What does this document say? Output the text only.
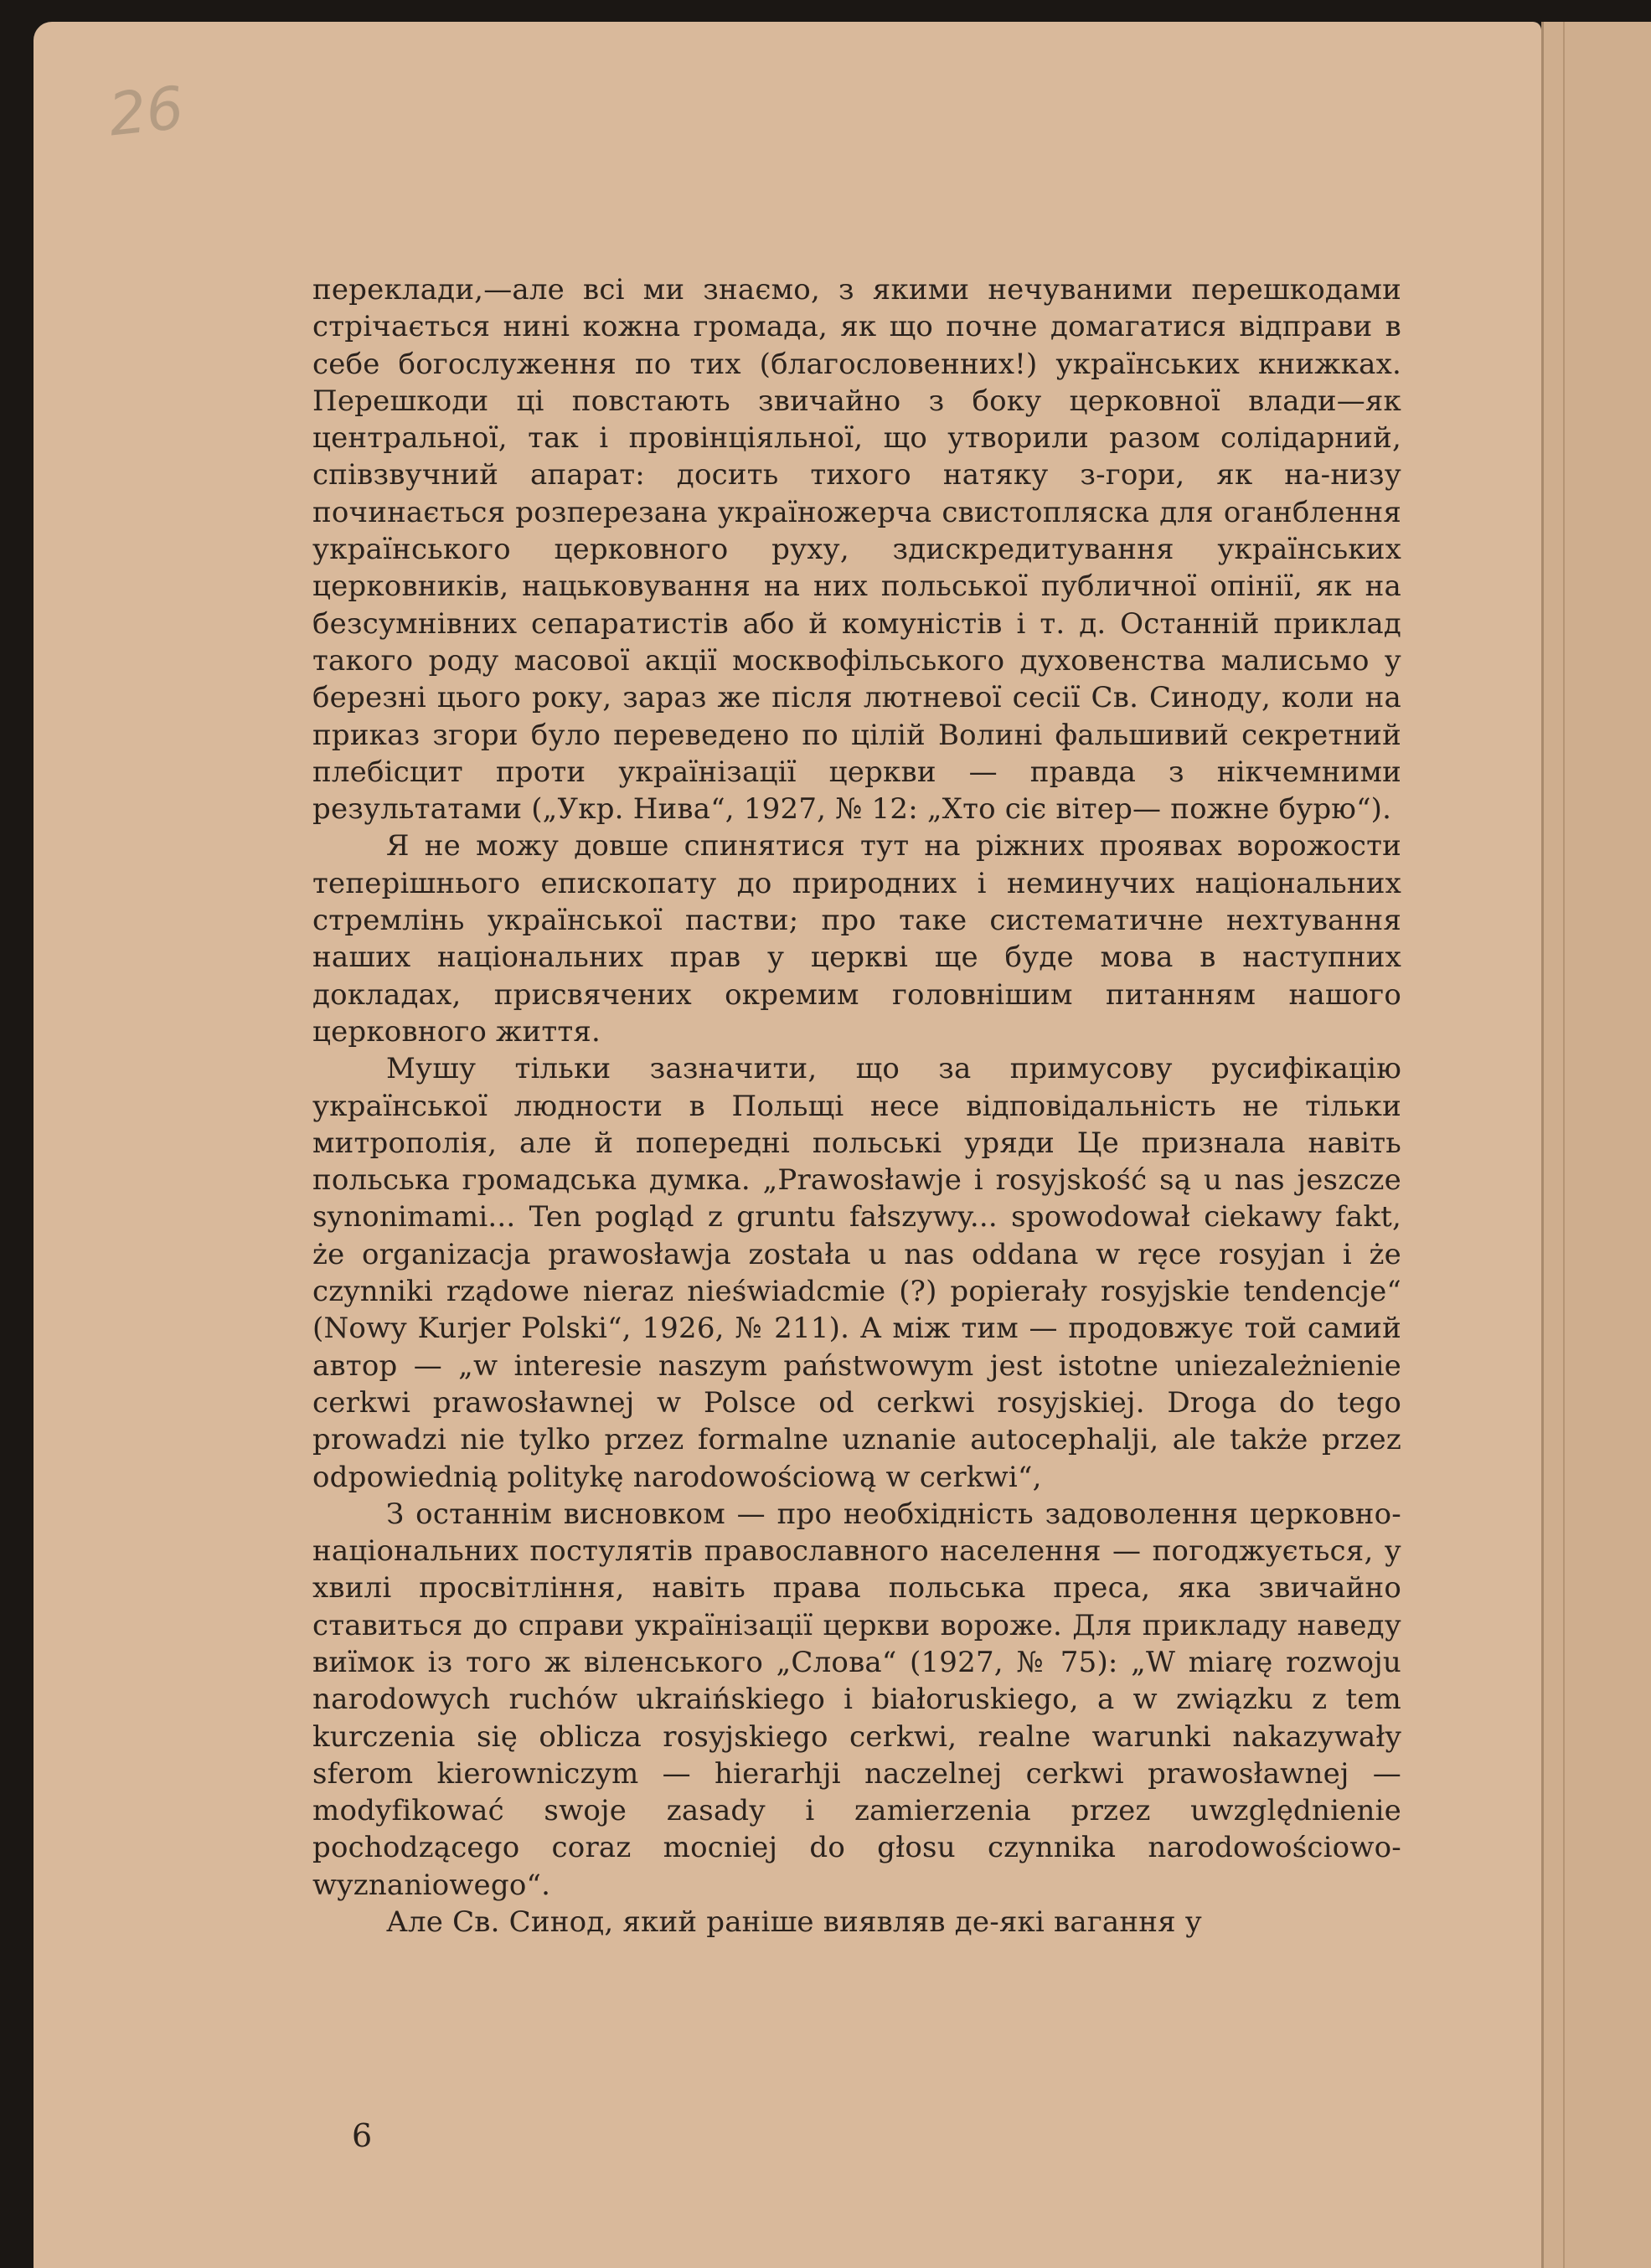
26

переклади,—але всі ми знаємо, з якими нечуваними перешкодами стрічається нині кожна громада, як що почне домагатися відправи в себе богослуження по тих (благословенних!) українських книжках. Перешкоди ці повстають звичайно з боку церковної влади—як центральної, так і провінціяльної, що утворили разом солідарний, співзвучний апарат: досить тихого натяку з-гори, як на-низу починається розперезана україножерча свистопляска для оганблення українського церковного руху, здискредитування українських церковників, нацьковування на них польської публичної опінії, як на безсумнівних сепаратистів або й комуністів і т. д. Останній приклад такого роду масової акції москвофільського духовенства малисьмо у березні цього року, зараз же після лютневої сесії Св. Синоду, коли на приказ згори було переведено по цілій Волині фальшивий секретний плебісцит проти українізації церкви — правда з нікчемними результатами („Укр. Нива“, 1927, № 12: „Хто сіє вітер— пожне бурю“).

Я не можу довше спинятися тут на ріжних проявах ворожости теперішнього епископату до природних і неминучих національних стремлінь української пастви; про таке систематичне нехтування наших національних прав у церкві ще буде мова в наступних докладах, присвячених окремим головнішим питанням нашого церковного життя.

Мушу тільки зазначити, що за примусову русифікацію української людности в Польщі несе відповідальність не тільки митрополія, але й попередні польські уряди Це признала навіть польська громадська думка. „Prawosławje i rosyjskość są u nas jeszcze synonimami... Ten pogląd z gruntu fałszywy... spowodował ciekawy fakt, że organizacja prawosławja została u nas oddana w ręce rosyjan i że czynniki rządowe nieraz nieświadcmie (?) popierały rosyjskie tendencje“ (Nowy Kurjer Polski“, 1926, № 211). А між тим — продовжує той самий автор — „w interesie naszym państwowym jest istotne uniezależnienie cerkwi prawosławnej w Polsce od cerkwi rosyjskiej. Droga do tego prowadzi nie tylko przez formalne uznanie autocephalji, ale także przez odpowiednią politykę narodowościową w cerkwi“,

З останнім висновком — про необхідність задоволення церковно-національних постулятів православного населення — погоджується, у хвилі просвітління, навіть права польська преса, яка звичайно ставиться до справи українізації церкви вороже. Для прикладу наведу виїмок із того ж віленського „Слова“ (1927, № 75): „W miarę rozwoju narodowych ruchów ukraińskiego i białoruskiego, a w związku z tem kurczenia się oblicza rosyjskiego cerkwi, realne warunki nakazywały sferom kierowniczym — hierarhji naczelnej cerkwi prawosławnej — modyfikować swoje zasady i zamierzenia przez uwzględnienie pochodzącego coraz mocniej do głosu czynnika narodowościowo-wyznaniowego“.

Але Св. Синод, який раніше виявляв де-які вагання у

6
